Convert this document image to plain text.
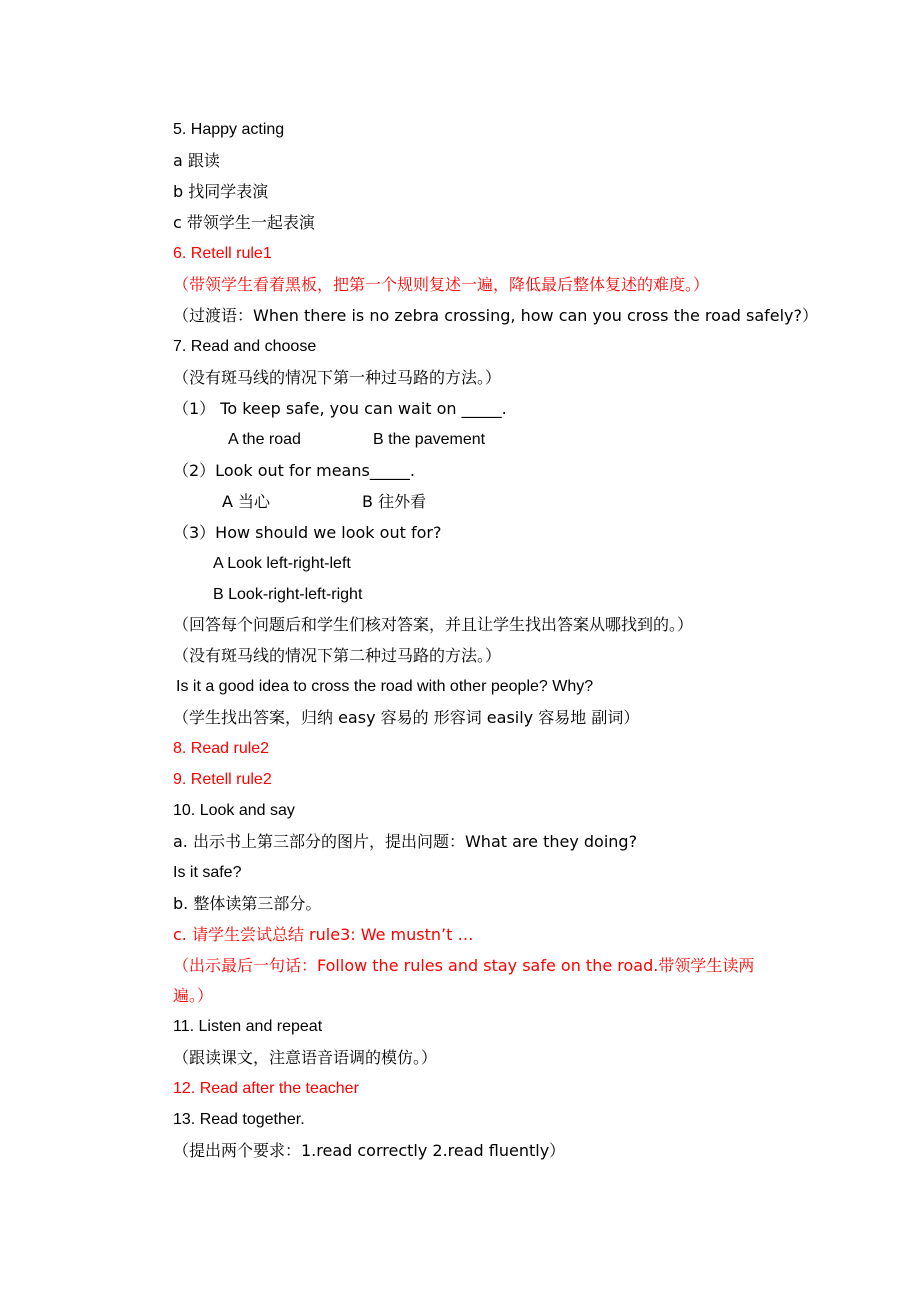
5. Happy acting
a 跟读
b 找同学表演
c 带领学生一起表演
6. Retell rule1
（带领学生看着黑板，把第一个规则复述一遍，降低最后整体复述的难度。）
（过渡语：When there is no zebra crossing, how can you cross the road safely?）
7. Read and choose
（没有斑马线的情况下第一种过马路的方法。）
（1） To keep safe, you can wait on _____.
A the road	B the pavement
（2）Look out for means_____.
A 当心	B 往外看
（3）How should we look out for?
A Look left-right-left
B Look-right-left-right
（回答每个问题后和学生们核对答案，并且让学生找出答案从哪找到的。）
（没有斑马线的情况下第二种过马路的方法。）
Is it a good idea to cross the road with other people? Why?
（学生找出答案，归纳 easy 容易的 形容词 easily 容易地 副词）
8. Read rule2
9. Retell rule2
10. Look and say
a. 出示书上第三部分的图片，提出问题：What are they doing?
Is it safe?
b. 整体读第三部分。
c. 请学生尝试总结 rule3: We mustn’t …
（出示最后一句话：Follow the rules and stay safe on the road.带领学生读两
遍。）
11. Listen and repeat
（跟读课文，注意语音语调的模仿。）
12. Read after the teacher
13. Read together.
（提出两个要求：1.read correctly 2.read fluently）
